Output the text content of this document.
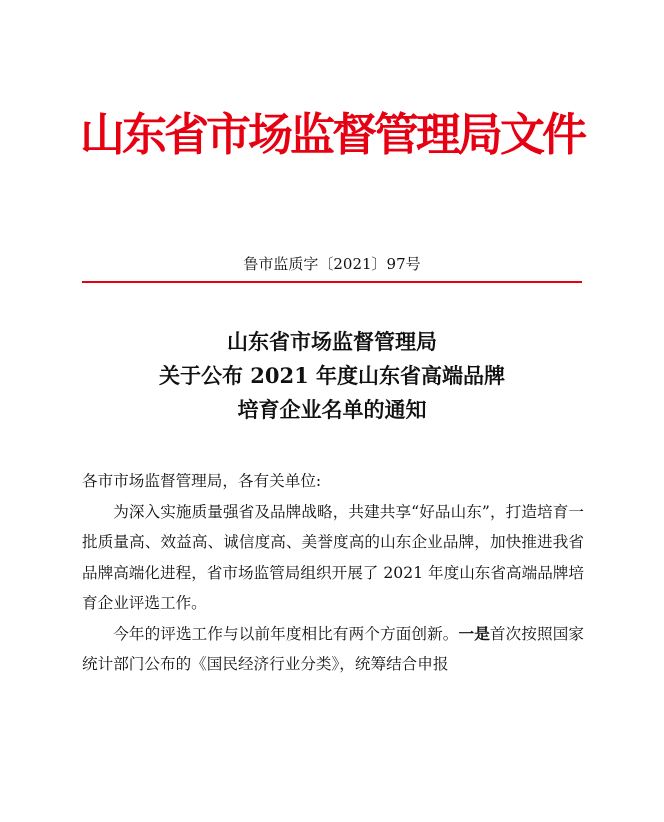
山东省市场监督管理局文件
鲁市监质字〔2021〕97号
山东省市场监督管理局
关于公布 2021 年度山东省高端品牌
培育企业名单的通知

各市市场监督管理局，各有关单位:

为深入实施质量强省及品牌战略，共建共享“好品山东”，打造培育一批质量高、效益高、诚信度高、美誉度高的山东企业品牌，加快推进我省品牌高端化进程，省市场监管局组织开展了 2021 年度山东省高端品牌培育企业评选工作。

今年的评选工作与以前年度相比有两个方面创新。一是首次按照国家统计部门公布的《国民经济行业分类》，统筹结合申报
